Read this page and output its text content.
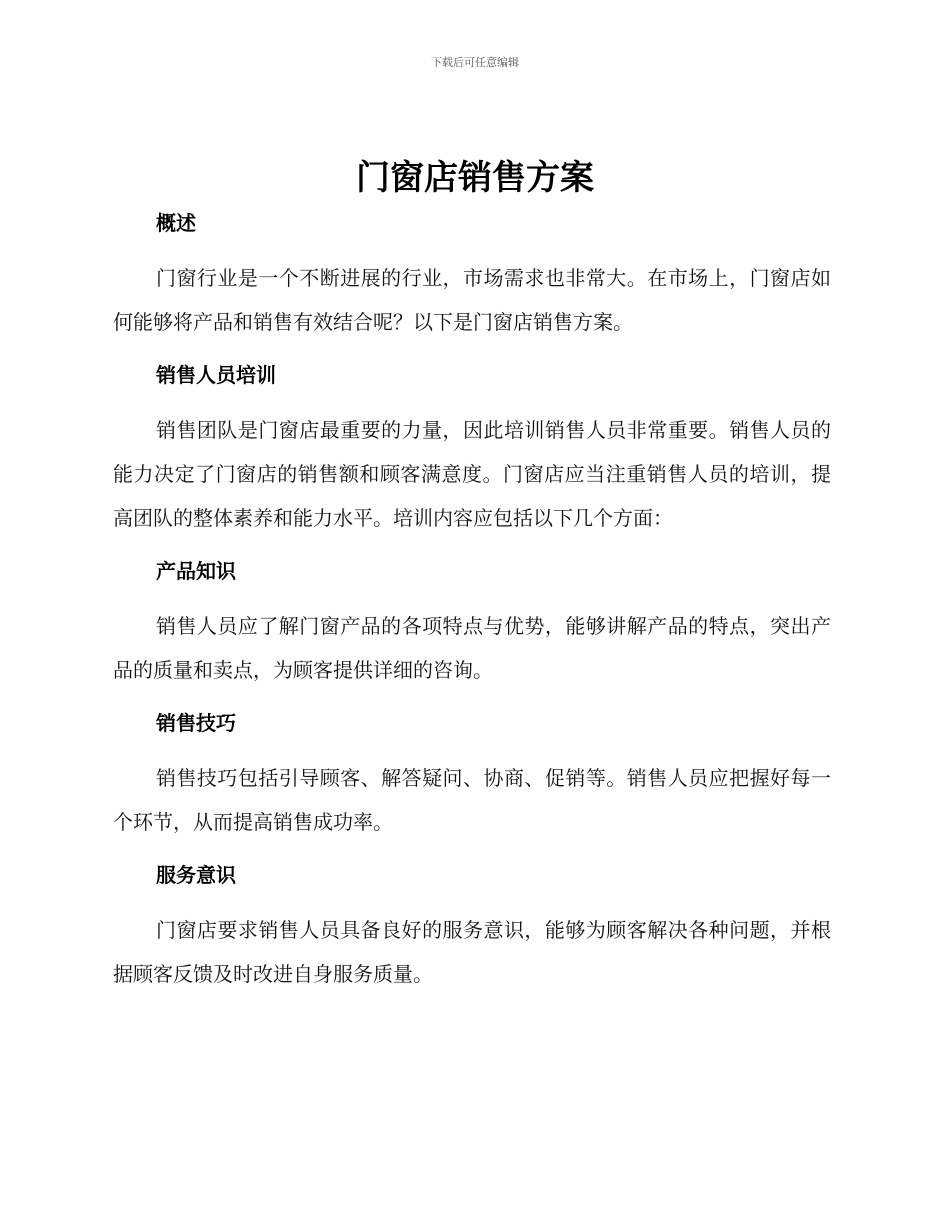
下载后可任意编辑
门窗店销售方案
概述

门窗行业是一个不断进展的行业，市场需求也非常大。在市场上，门窗店如何能够将产品和销售有效结合呢？以下是门窗店销售方案。

销售人员培训

销售团队是门窗店最重要的力量，因此培训销售人员非常重要。销售人员的能力决定了门窗店的销售额和顾客满意度。门窗店应当注重销售人员的培训，提高团队的整体素养和能力水平。培训内容应包括以下几个方面：

产品知识

销售人员应了解门窗产品的各项特点与优势，能够讲解产品的特点，突出产品的质量和卖点，为顾客提供详细的咨询。

销售技巧

销售技巧包括引导顾客、解答疑问、协商、促销等。销售人员应把握好每一个环节，从而提高销售成功率。

服务意识

门窗店要求销售人员具备良好的服务意识，能够为顾客解决各种问题，并根据顾客反馈及时改进自身服务质量。
